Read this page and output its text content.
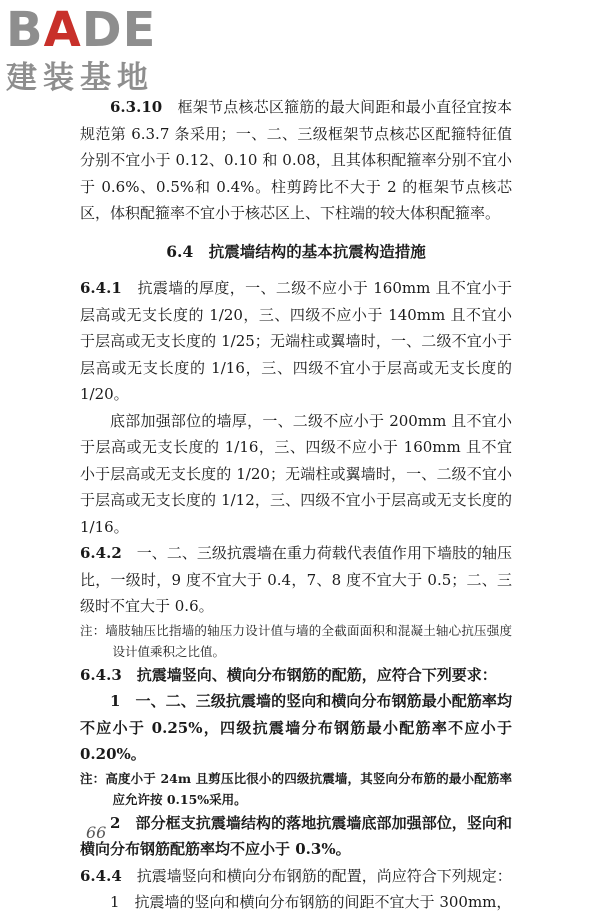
BADE
建装基地

6.3.10　 框架节点核芯区箍筋的最大间距和最小直径宜按本规范第 6.3.7 条采用；一、二、三级框架节点核芯区配箍特征值分别不宜小于 0.12、0.10 和 0.08，且其体积配箍率分别不宜小于 0.6%、0.5%和 0.4%。柱剪跨比不大于 2 的框架节点核芯区，体积配箍率不宜小于核芯区上、下柱端的较大体积配箍率。

6.4　抗震墙结构的基本抗震构造措施

6.4.1　 抗震墙的厚度，一、二级不应小于 160mm 且不宜小于层高或无支长度的 1/20，三、四级不应小于 140mm 且不宜小于层高或无支长度的 1/25；无端柱或翼墙时，一、二级不宜小于层高或无支长度的 1/16，三、四级不宜小于层高或无支长度的 1/20。

底部加强部位的墙厚，一、二级不应小于 200mm 且不宜小于层高或无支长度的 1/16，三、四级不应小于 160mm 且不宜小于层高或无支长度的 1/20；无端柱或翼墙时，一、二级不宜小于层高或无支长度的 1/12，三、四级不宜小于层高或无支长度的 1/16。

6.4.2　 一、二、三级抗震墙在重力荷载代表值作用下墙肢的轴压比，一级时，9 度不宜大于 0.4，7、8 度不宜大于 0.5；二、三级时不宜大于 0.6。

注：墙肢轴压比指墙的轴压力设计值与墙的全截面面积和混凝土轴心抗压强度设计值乘积之比值。

6.4.3　 抗震墙竖向、横向分布钢筋的配筋，应符合下列要求：

1　一、二、三级抗震墙的竖向和横向分布钢筋最小配筋率均不应小于 0.25%，四级抗震墙分布钢筋最小配筋率不应小于 0.20%。

注：高度小于 24m 且剪压比很小的四级抗震墙，其竖向分布筋的最小配筋率应允许按 0.15%采用。

2　部分框支抗震墙结构的落地抗震墙底部加强部位，竖向和横向分布钢筋配筋率均不应小于 0.3%。

6.4.4　 抗震墙竖向和横向分布钢筋的配置，尚应符合下列规定：

1　抗震墙的竖向和横向分布钢筋的间距不宜大于 300mm，

66
